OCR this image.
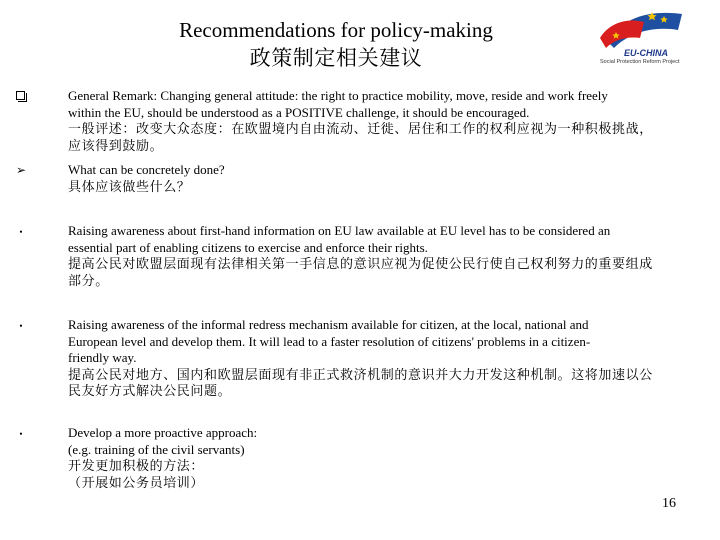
Recommendations for policy-making
政策制定相关建议	EU-CHINA
Social Protection Reform Project
General Remark: Changing general attitude: the right to practice mobility, move, reside and work freely
within the EU, should be understood as a POSITIVE challenge, it should be encouraged.
一般评述：改变大众态度：在欧盟境内自由流动、迁徙、居住和工作的权利应视为一种积极挑战，
应该得到鼓励。
➢	What can be concretely done?
具体应该做些什么？
•	Raising awareness about first-hand information on EU law available at EU level has to be considered an
essential part of enabling citizens to exercise and enforce their rights.
提高公民对欧盟层面现有法律相关第一手信息的意识应视为促使公民行使自己权利努力的重要组成
部分。
•	Raising awareness of the informal redress mechanism available for citizen, at the local, national and
European level and develop them. It will lead to a faster resolution of citizens' problems in a citizen-
friendly way.
提高公民对地方、国内和欧盟层面现有非正式救济机制的意识并大力开发这种机制。这将加速以公
民友好方式解决公民问题。
•	Develop a more proactive approach:
(e.g. training of the civil servants)
开发更加积极的方法：
（开展如公务员培训）
16
